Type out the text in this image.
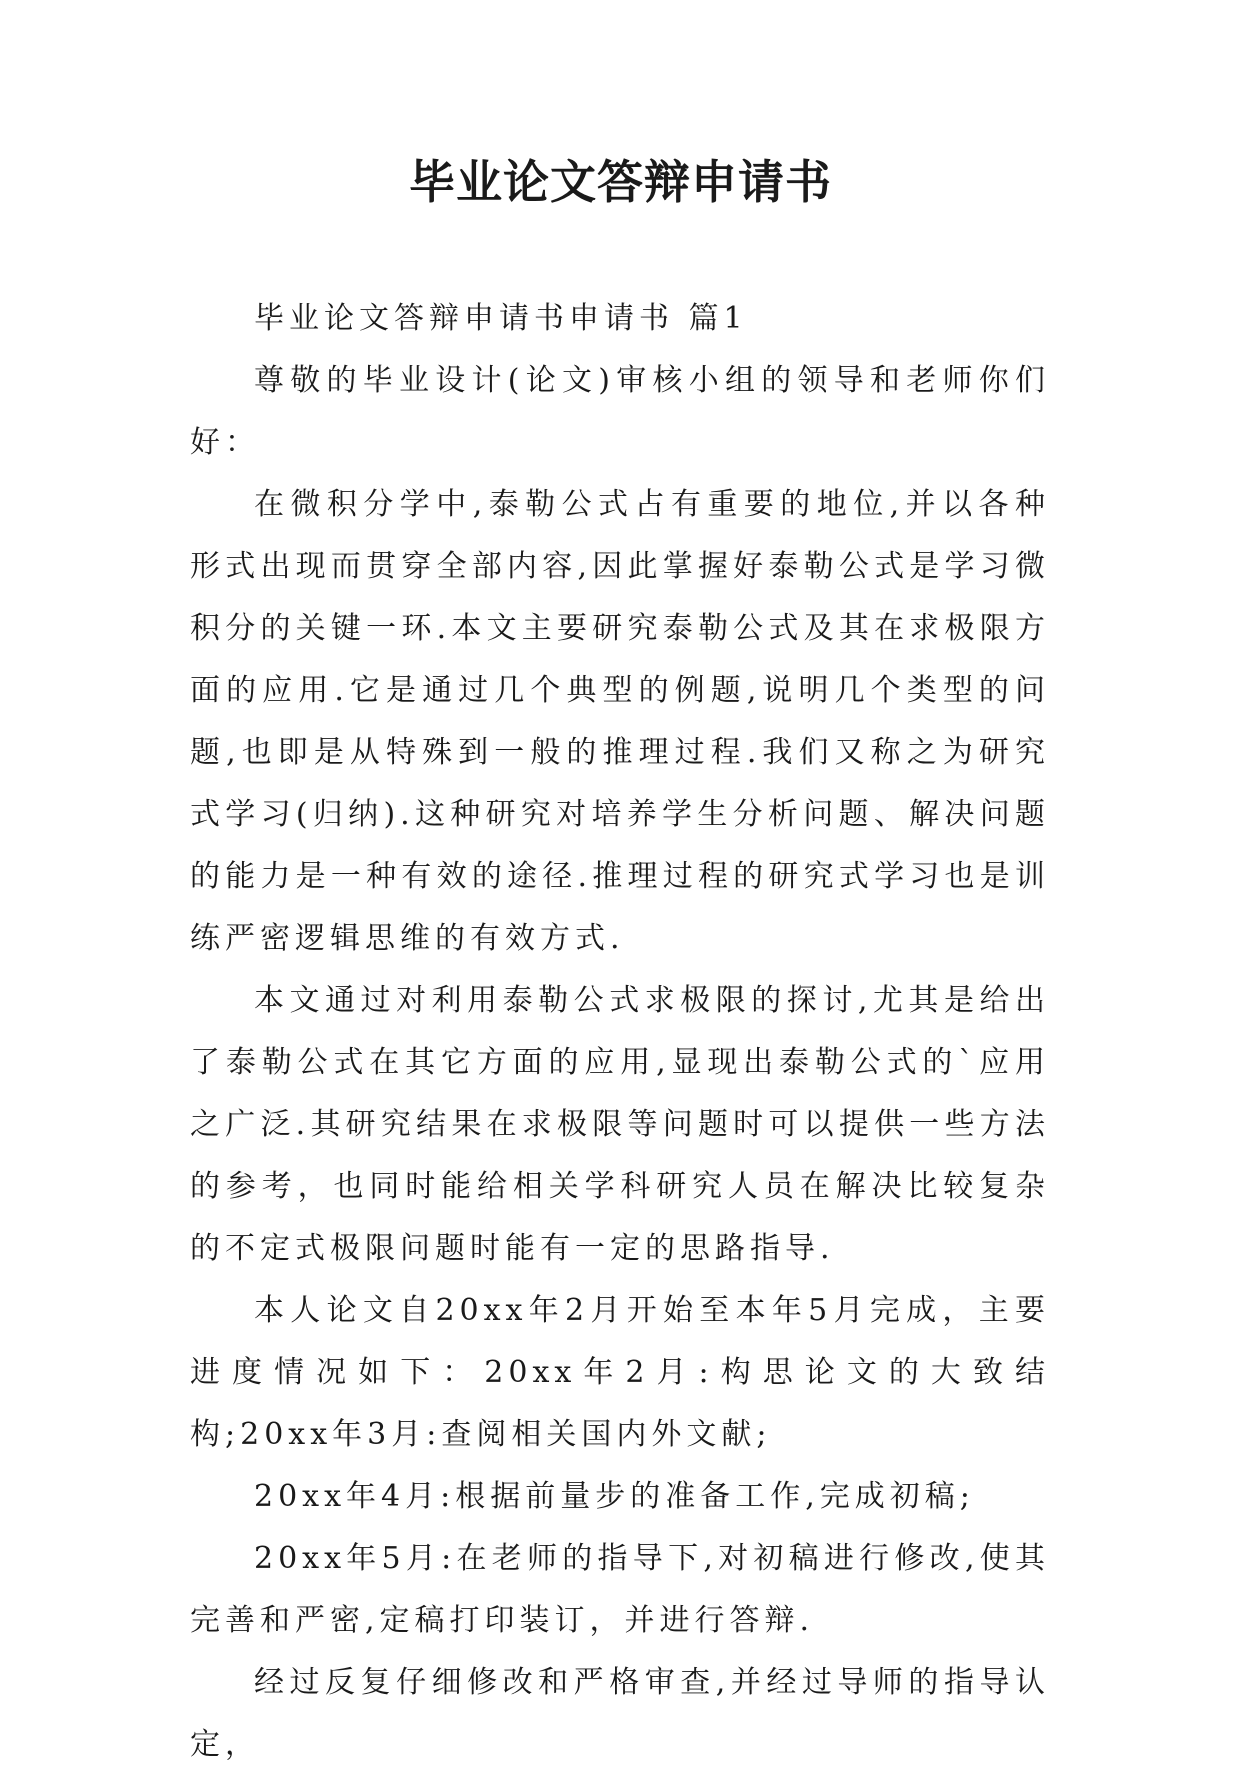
毕业论文答辩申请书

毕业论文答辩申请书申请书 篇1

尊敬的毕业设计(论文)审核小组的领导和老师你们好：

在微积分学中,泰勒公式占有重要的地位,并以各种形式出现而贯穿全部内容,因此掌握好泰勒公式是学习微积分的关键一环.本文主要研究泰勒公式及其在求极限方面的应用.它是通过几个典型的例题,说明几个类型的问题,也即是从特殊到一般的推理过程.我们又称之为研究式学习(归纳).这种研究对培养学生分析问题、解决问题的能力是一种有效的途径.推理过程的研究式学习也是训练严密逻辑思维的有效方式.

本文通过对利用泰勒公式求极限的探讨,尤其是给出了泰勒公式在其它方面的应用,显现出泰勒公式的`应用之广泛.其研究结果在求极限等问题时可以提供一些方法的参考，也同时能给相关学科研究人员在解决比较复杂的不定式极限问题时能有一定的思路指导.

本人论文自20xx年2月开始至本年5月完成，主要进度情况如下：20xx年2月:构思论文的大致结构;20xx年3月:查阅相关国内外文献;

20xx年4月:根据前量步的准备工作,完成初稿;

20xx年5月:在老师的指导下,对初稿进行修改,使其完善和严密,定稿打印装订，并进行答辩.

经过反复仔细修改和严格审查,并经过导师的指导认定，
